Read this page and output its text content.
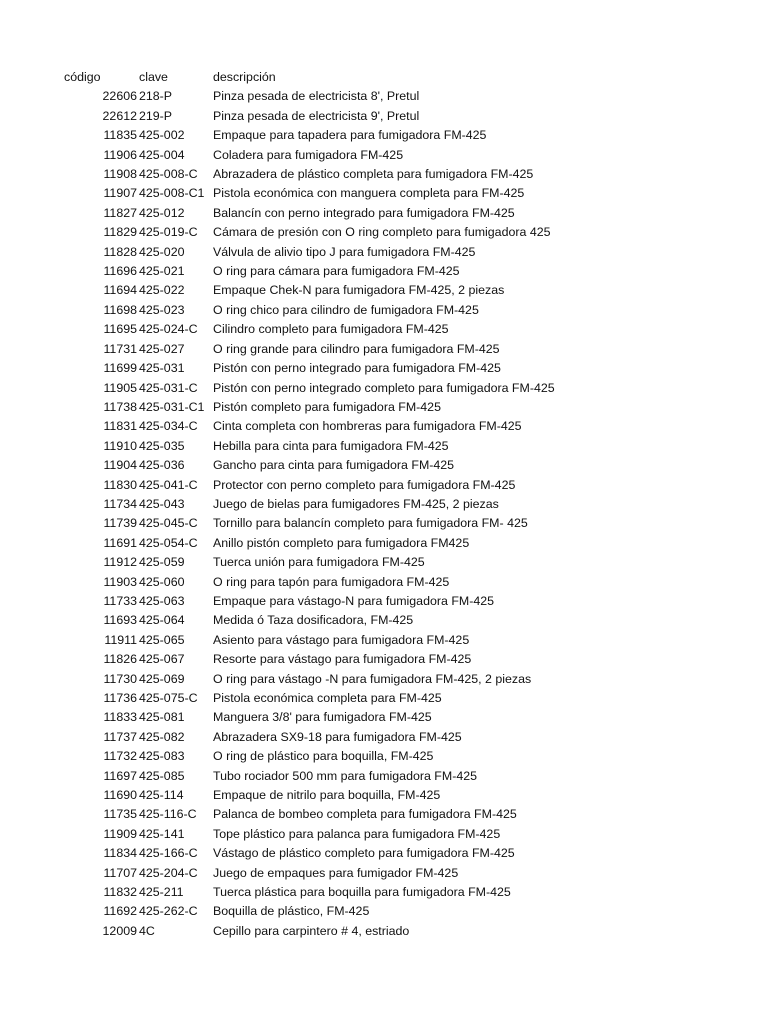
código	clave	descripción
22606 218-P	Pinza pesada de electricista 8', Pretul
22612 219-P	Pinza pesada de electricista 9', Pretul
11835 425-002 Empaque para tapadera para fumigadora FM-425
11906 425-004 Coladera para fumigadora FM-425
11908 425-008-C Abrazadera de plástico completa para fumigadora FM-425
11907 425-008-C1 Pistola económica con manguera completa para FM-425
11827 425-012 Balancín con perno integrado para fumigadora FM-425
11829 425-019-C Cámara de presión con O ring completo para fumigadora 425
11828 425-020 Válvula de alivio tipo J para fumigadora FM-425
11696 425-021 O ring para cámara para fumigadora FM-425
11694 425-022 Empaque Chek-N para fumigadora FM-425, 2 piezas
11698 425-023 O ring chico para cilindro de fumigadora FM-425
11695 425-024-C Cilindro completo para fumigadora FM-425
11731 425-027 O ring grande para cilindro para fumigadora FM-425
11699 425-031 Pistón con perno integrado para fumigadora FM-425
11905 425-031-C Pistón con perno integrado completo para fumigadora FM-425
11738 425-031-C1 Pistón completo para fumigadora FM-425
11831 425-034-C Cinta completa con hombreras para fumigadora FM-425
11910 425-035 Hebilla para cinta para fumigadora FM-425
11904 425-036 Gancho para cinta para fumigadora FM-425
11830 425-041-C Protector con perno completo para fumigadora FM-425
11734 425-043 Juego de bielas para fumigadores FM-425, 2 piezas
11739 425-045-C Tornillo para balancín completo para fumigadora FM- 425
11691 425-054-C Anillo pistón completo para fumigadora FM425
11912 425-059 Tuerca unión para fumigadora FM-425
11903 425-060 O ring para tapón para fumigadora FM-425
11733 425-063 Empaque para vástago-N para fumigadora FM-425
11693 425-064 Medida ó Taza dosificadora, FM-425
11911 425-065 Asiento para vástago para fumigadora FM-425
11826 425-067 Resorte para vástago para fumigadora FM-425
11730 425-069 O ring para vástago -N para fumigadora FM-425, 2 piezas
11736 425-075-C Pistola económica completa para FM-425
11833 425-081 Manguera 3/8' para fumigadora FM-425
11737 425-082 Abrazadera SX9-18 para fumigadora FM-425
11732 425-083 O ring de plástico para boquilla, FM-425
11697 425-085 Tubo rociador 500 mm para fumigadora FM-425
11690 425-114 Empaque de nitrilo para boquilla, FM-425
11735 425-116-C Palanca de bombeo completa para fumigadora FM-425
11909 425-141 Tope plástico para palanca para fumigadora FM-425
11834 425-166-C Vástago de plástico completo para fumigadora FM-425
11707 425-204-C Juego de empaques para fumigador FM-425
11832 425-211 Tuerca plástica para boquilla para fumigadora FM-425
11692 425-262-C Boquilla de plástico, FM-425
12009 4C	Cepillo para carpintero # 4, estriado
